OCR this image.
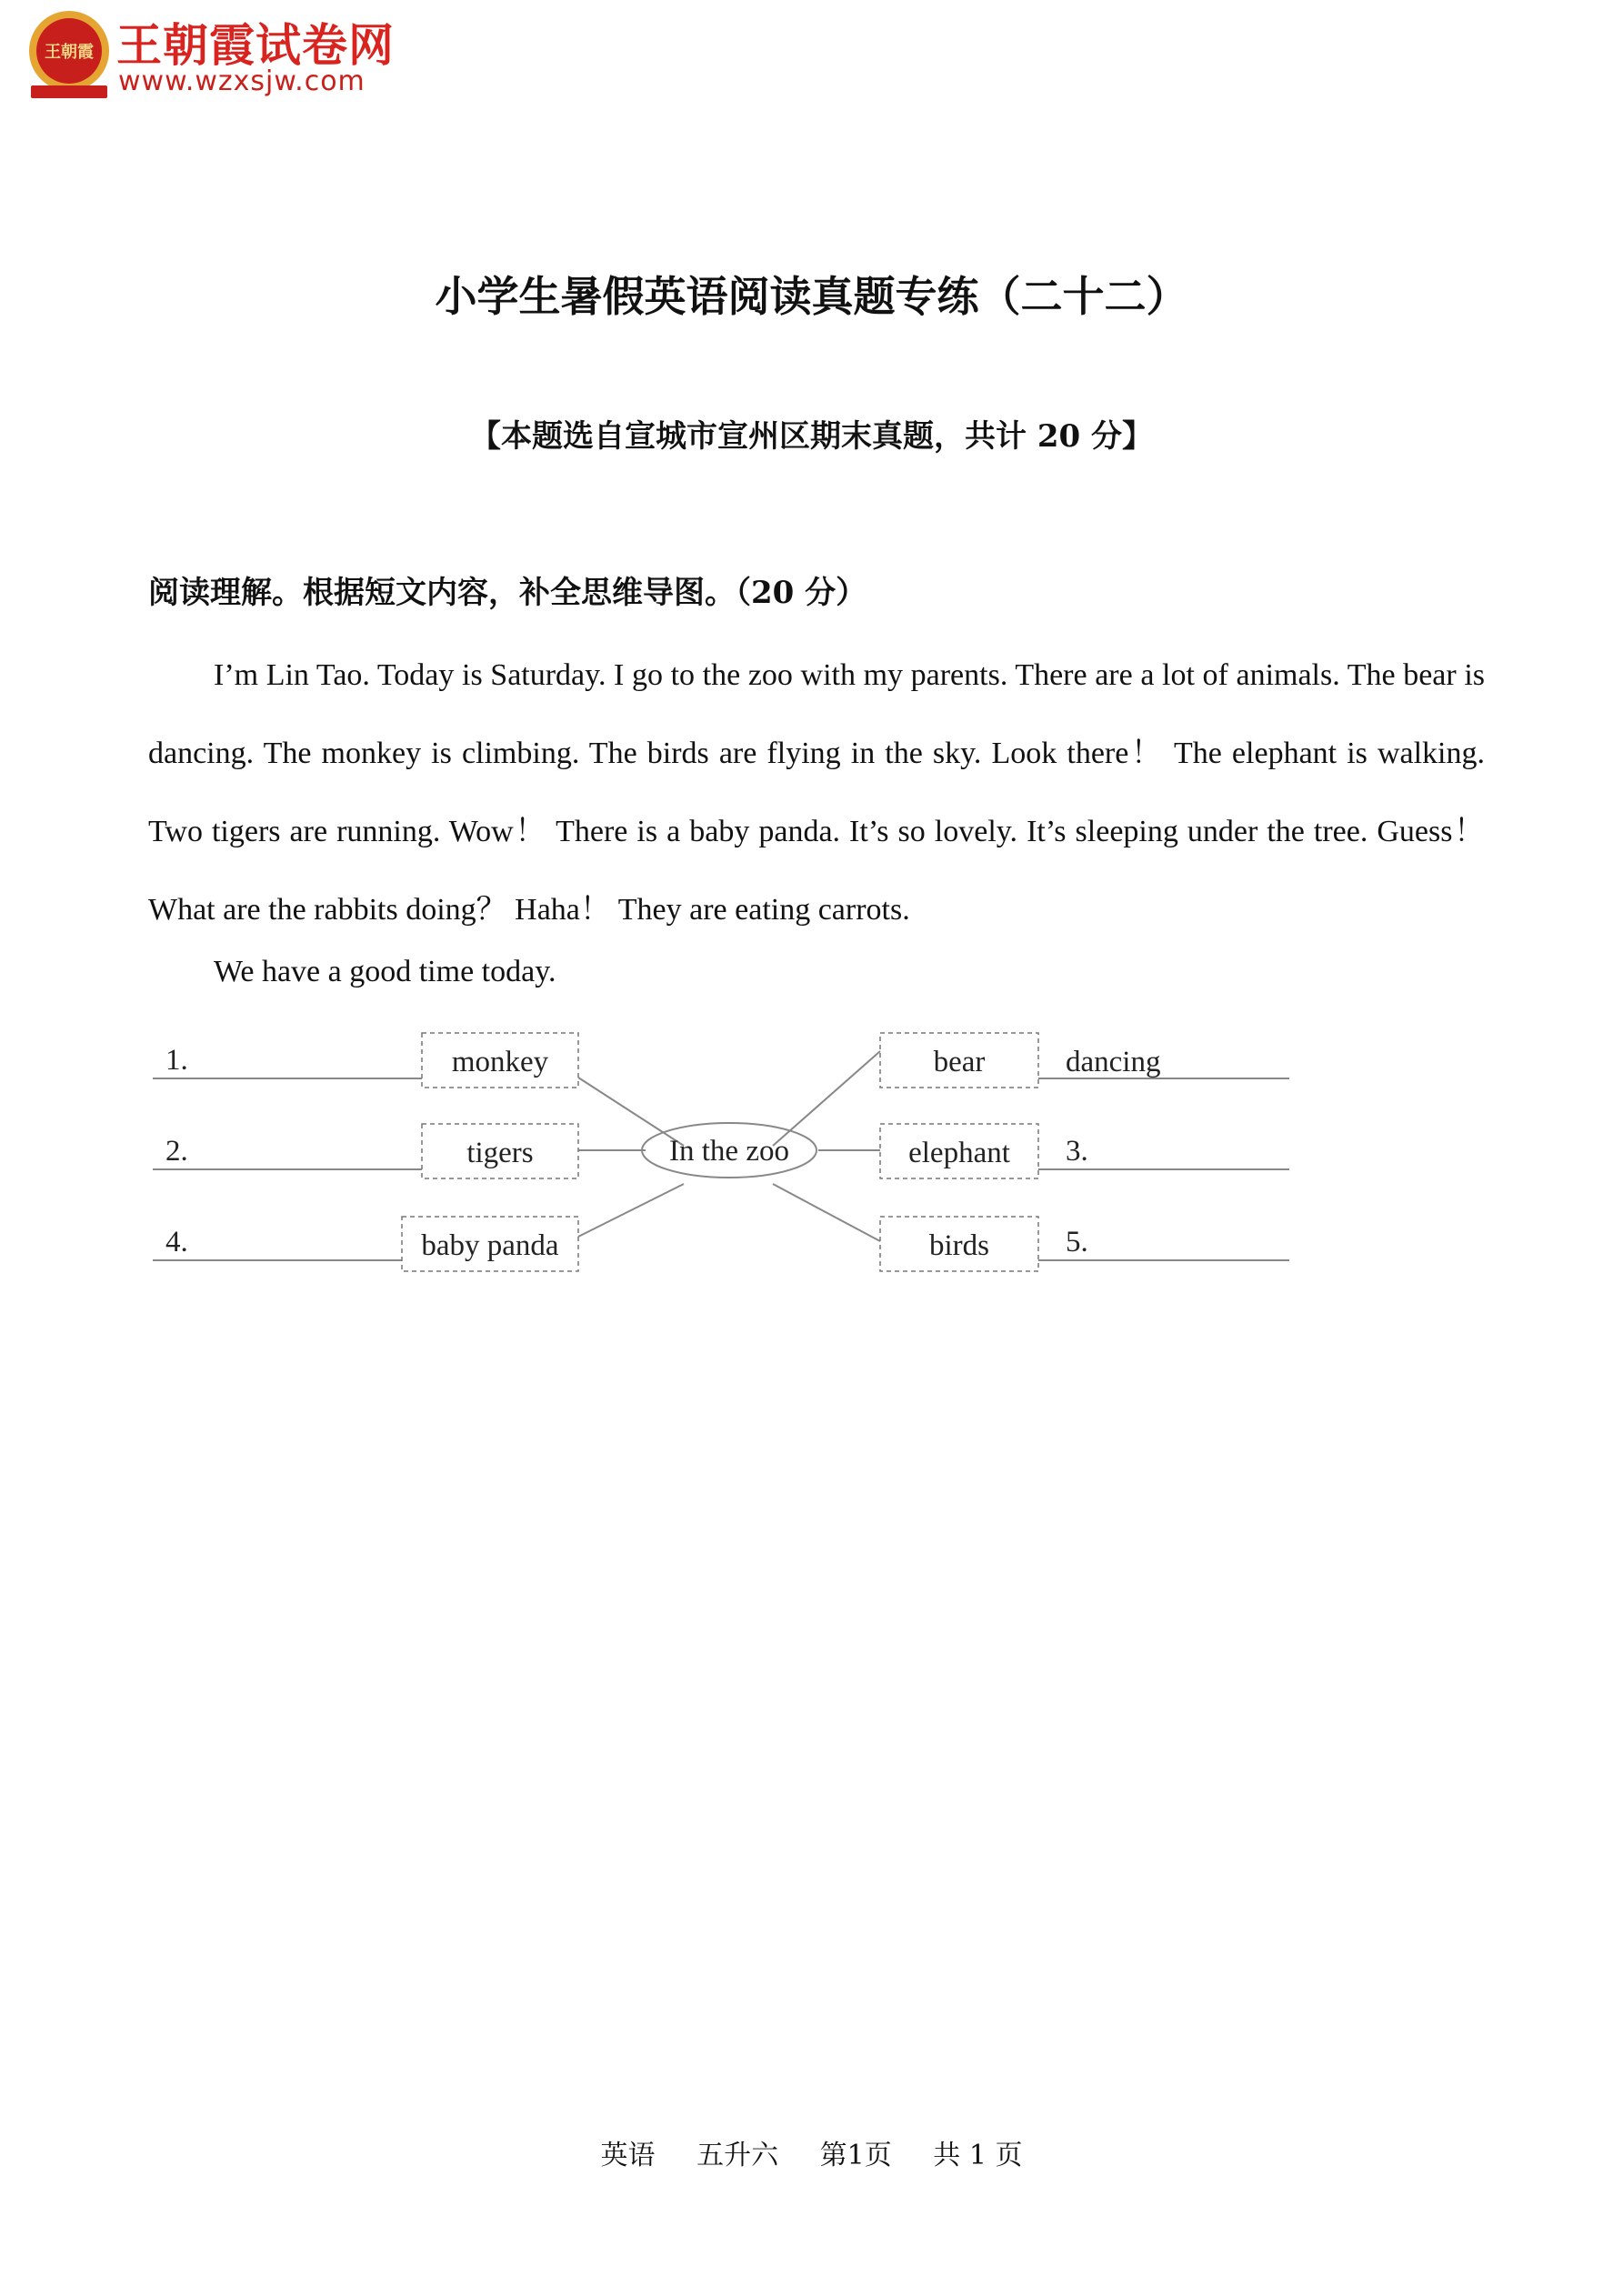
王朝霞 王朝霞试卷网
www.wzxsjw.com
小学生暑假英语阅读真题专练（二十二）
【本题选自宣城市宣州区期末真题，共计 20 分】
阅读理解。根据短文内容，补全思维导图。（20 分）

I’m Lin Tao. Today is Saturday. I go to the zoo with my parents. There are a lot of animals. The bear is dancing. The monkey is climbing. The birds are flying in the sky. Look there！ The elephant is walking. Two tigers are running. Wow！ There is a baby panda. It’s so lovely. It’s sleeping under the tree. Guess！ What are the rabbits doing？ Haha！ They are eating carrots.

We have a good time today.
1.
2.
4.
monkey
tigers
baby panda
In the zoo
bear
elephant
birds
dancing
3.
5.
英语 五升六 第1页 共 1 页
